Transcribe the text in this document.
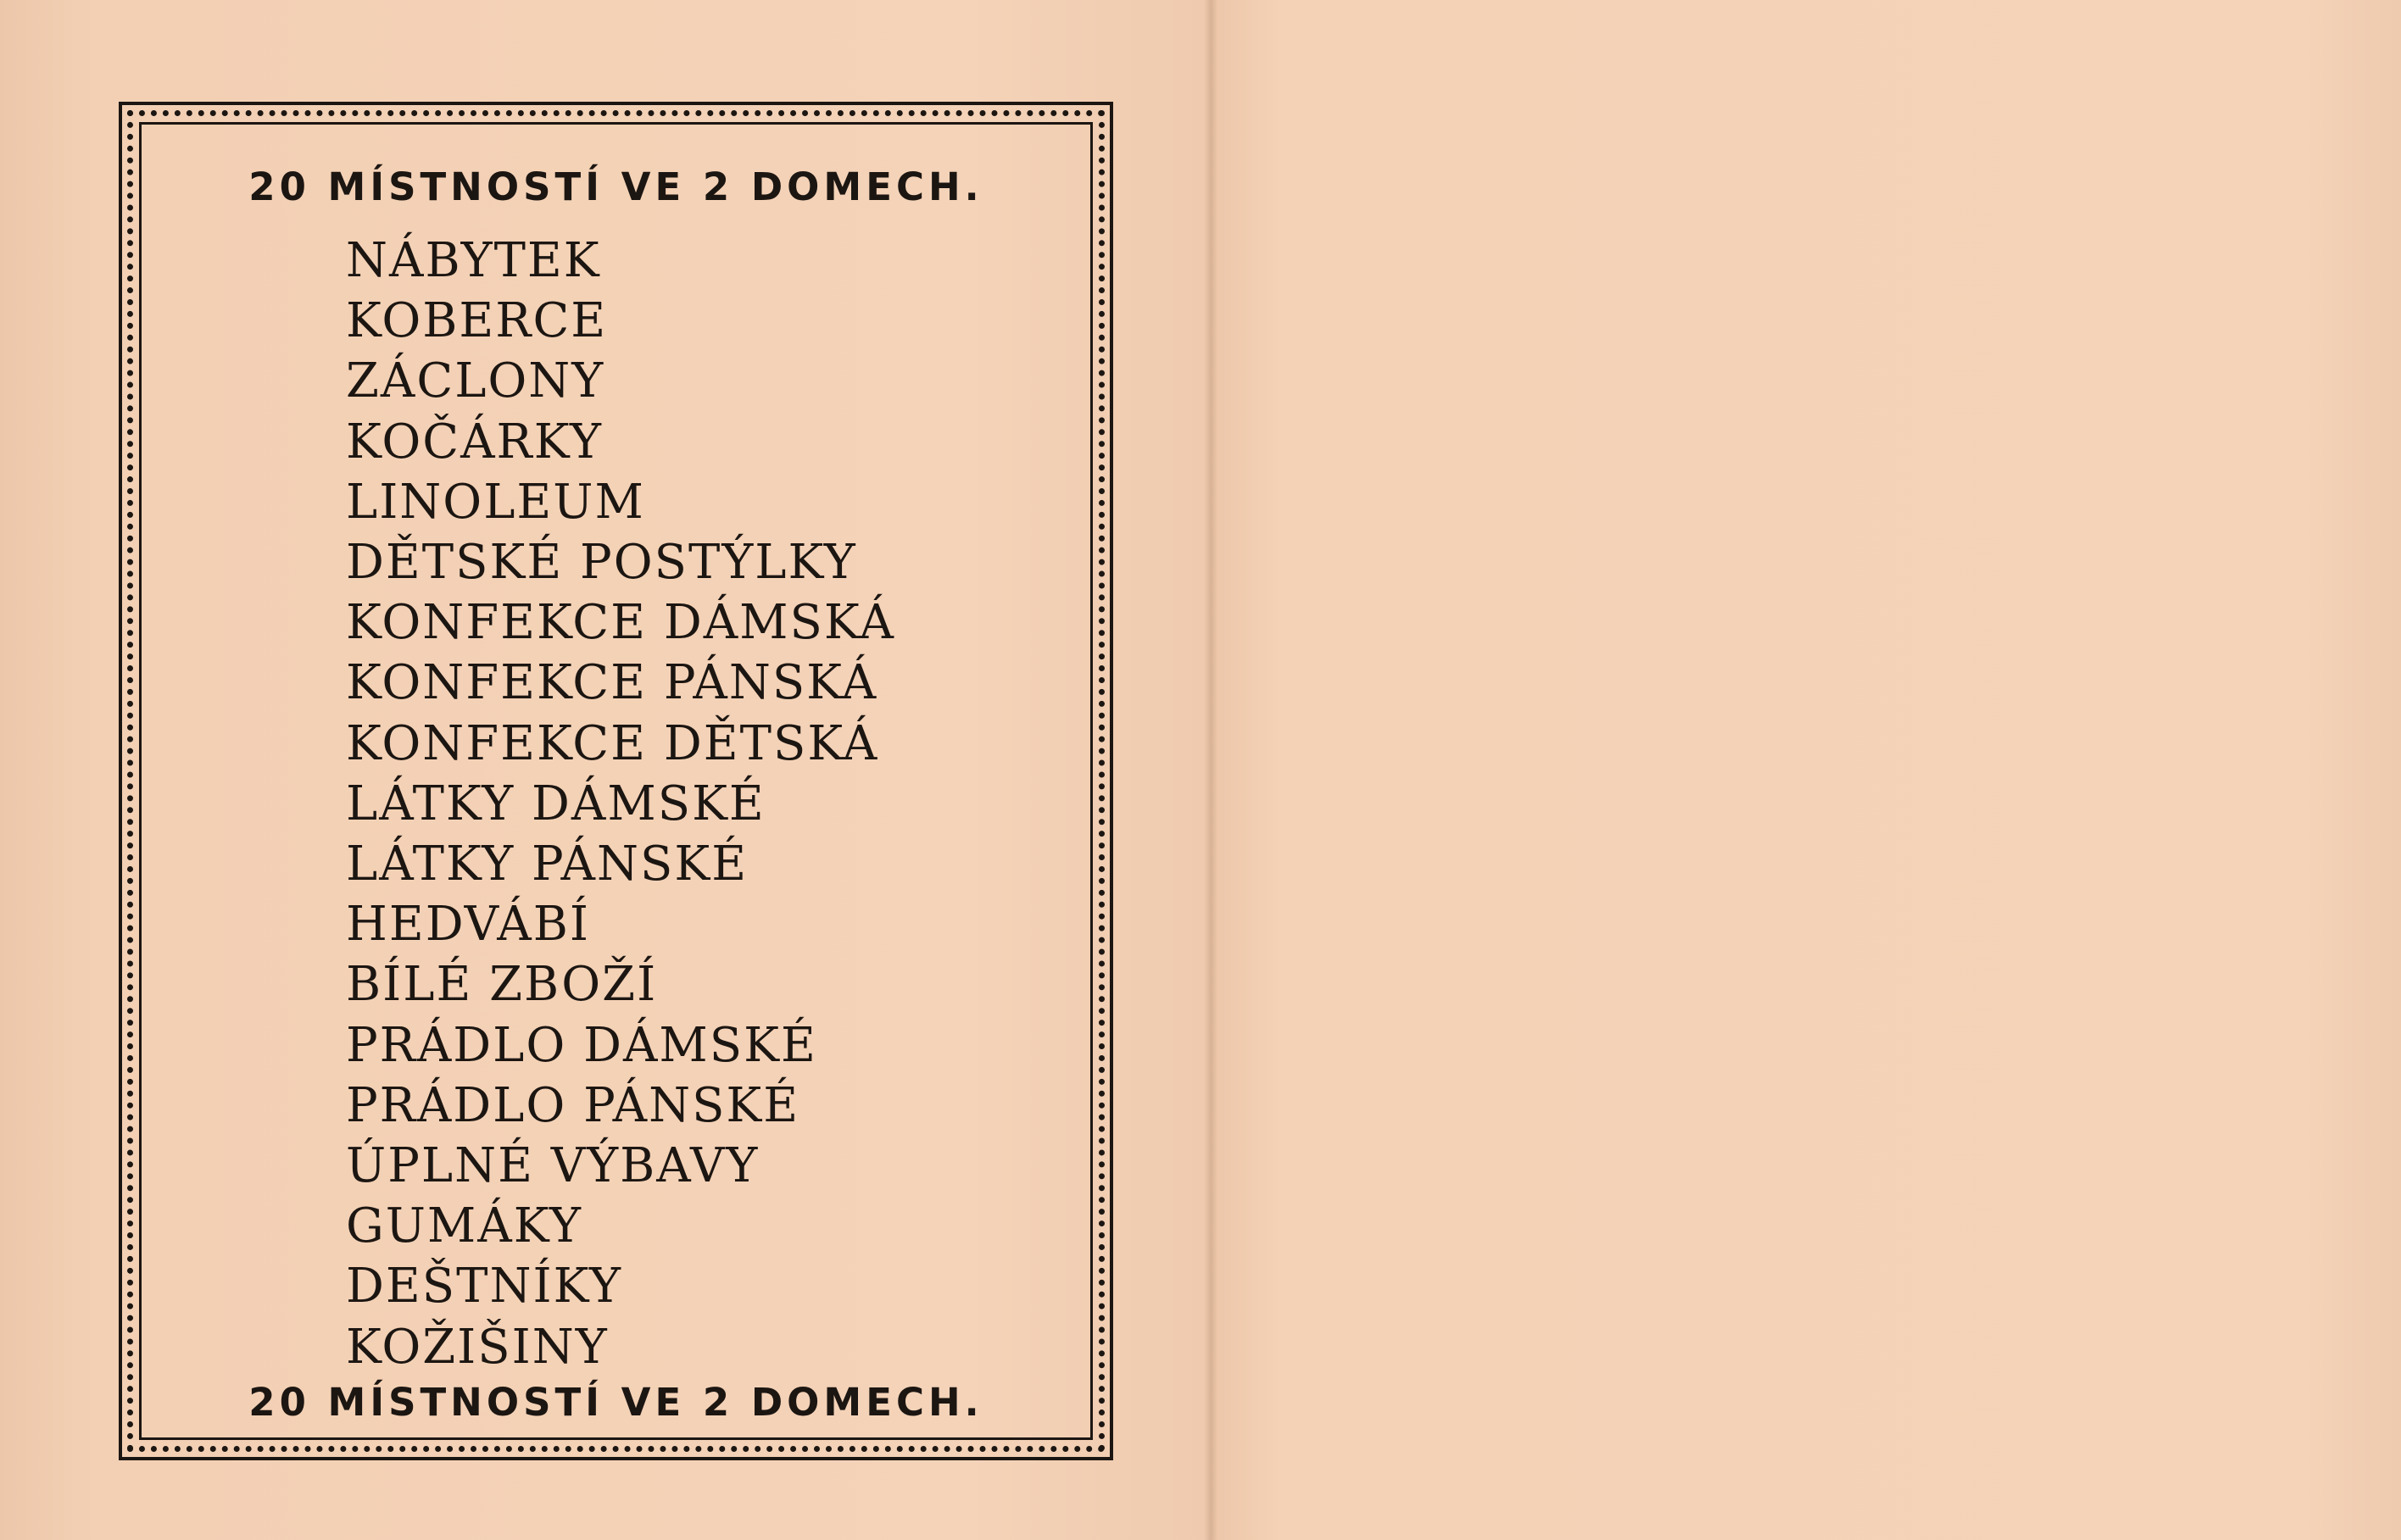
20 MÍSTNOSTÍ VE 2 DOMECH.
NÁBYTEK
KOBERCE
ZÁCLONY
KOČÁRKY
LINOLEUM
DĚTSKÉ POSTÝLKY
KONFEKCE DÁMSKÁ
KONFEKCE PÁNSKÁ
KONFEKCE DĚTSKÁ
LÁTKY DÁMSKÉ
LÁTKY PÁNSKÉ
HEDVÁBÍ
BÍLÉ ZBOŽÍ
PRÁDLO DÁMSKÉ
PRÁDLO PÁNSKÉ
ÚPLNÉ VÝBAVY
GUMÁKY
DEŠTNÍKY
KOŽIŠINY
20 MÍSTNOSTÍ VE 2 DOMECH.
